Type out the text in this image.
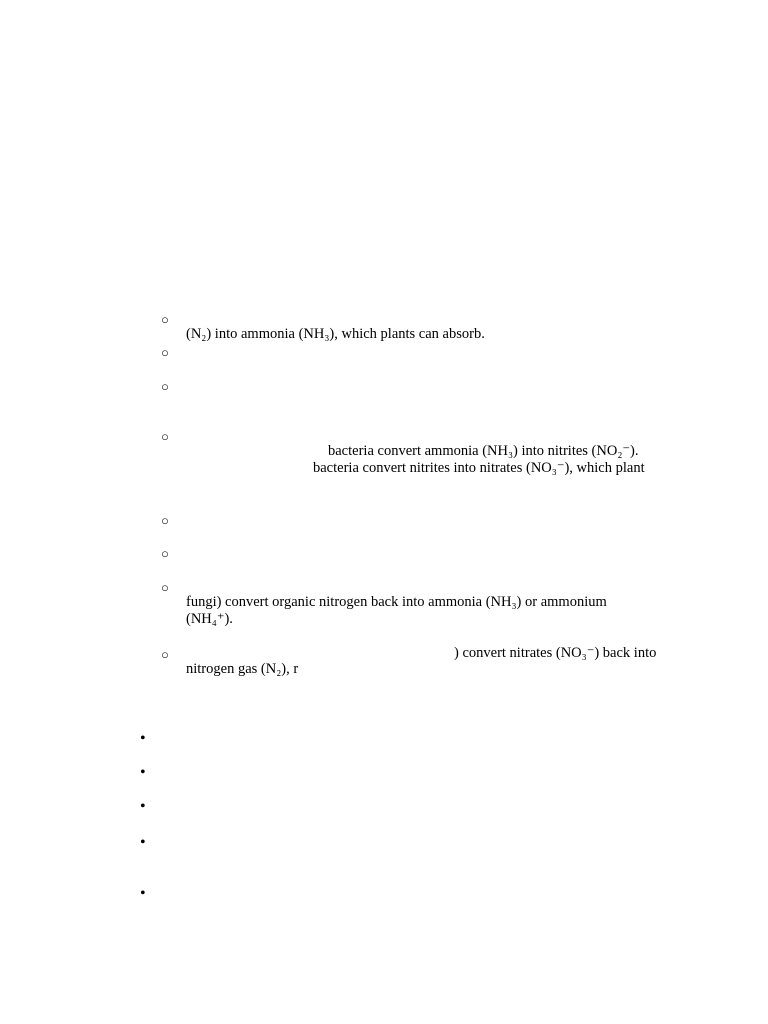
○
(N₂) into ammonia (NH₃), which plants can absorb.
○
○
○
bacteria convert ammonia (NH₃) into nitrites (NO₂⁻).
bacteria convert nitrites into nitrates (NO₃⁻), which plant
○
○
○
fungi) convert organic nitrogen back into ammonia (NH₃) or ammonium
(NH₄⁺).
○	) convert nitrates (NO₃⁻) back into
nitrogen gas (N₂), r
•
•
•
•
•
